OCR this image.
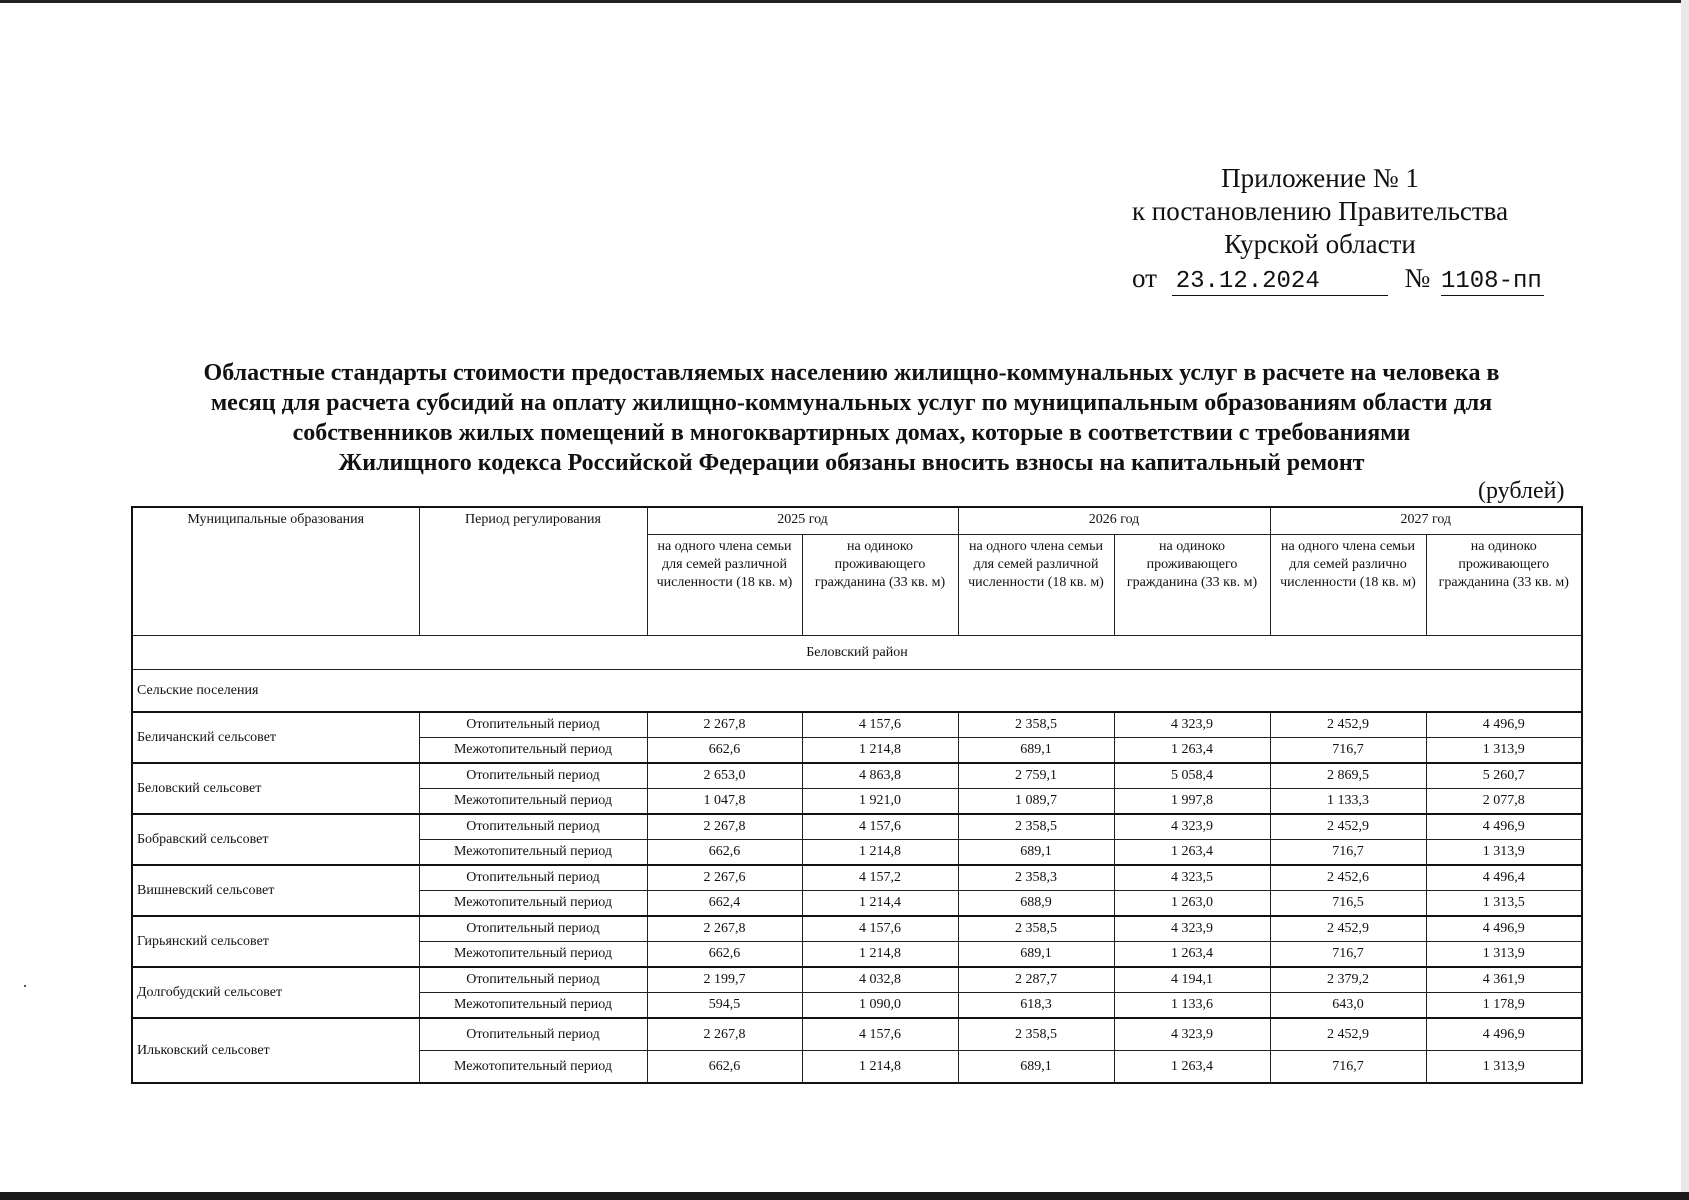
Приложение № 1
к постановлению Правительства
Курской области
от 23.12.2024	№ 1108-пп
Областные стандарты стоимости предоставляемых населению жилищно-коммунальных услуг в расчете на человека в
месяц для расчета субсидий на оплату жилищно-коммунальных услуг по муниципальным образованиям области для
собственников жилых помещений в многоквартирных домах, которые в соответствии с требованиями
Жилищного кодекса Российской Федерации обязаны вносить взносы на капитальный ремонт
(рублей)
Муниципальные образования	Период регулирования	2025 год		2026 год		2027 год	
		на одного члена семьи для семей различной численности (18 кв. м)	на одиноко проживающего гражданина (33 кв. м)	на одного члена семьи для семей различной численности (18 кв. м)	на одиноко проживающего гражданина (33 кв. м)	на одного члена семьи для семей различно численности (18 кв. м)	на одиноко проживающего гражданина (33 кв. м)
Беловский район							
Сельские поселения							
Беличанский сельсовет	Отопительный период	2 267,8	4 157,6	2 358,5	4 323,9	2 452,9	4 496,9
	Межотопительный период	662,6	1 214,8	689,1	1 263,4	716,7	1 313,9
Беловский сельсовет	Отопительный период	2 653,0	4 863,8	2 759,1	5 058,4	2 869,5	5 260,7
	Межотопительный период	1 047,8	1 921,0	1 089,7	1 997,8	1 133,3	2 077,8
Бобравский сельсовет	Отопительный период	2 267,8	4 157,6	2 358,5	4 323,9	2 452,9	4 496,9
	Межотопительный период	662,6	1 214,8	689,1	1 263,4	716,7	1 313,9
Вишневский сельсовет	Отопительный период	2 267,6	4 157,2	2 358,3	4 323,5	2 452,6	4 496,4
	Межотопительный период	662,4	1 214,4	688,9	1 263,0	716,5	1 313,5
Гирьянский сельсовет	Отопительный период	2 267,8	4 157,6	2 358,5	4 323,9	2 452,9	4 496,9
	Межотопительный период	662,6	1 214,8	689,1	1 263,4	716,7	1 313,9
Долгобудский сельсовет	Отопительный период	2 199,7	4 032,8	2 287,7	4 194,1	2 379,2	4 361,9
	Межотопительный период	594,5	1 090,0	618,3	1 133,6	643,0	1 178,9
Ильковский сельсовет	Отопительный период	2 267,8	4 157,6	2 358,5	4 323,9	2 452,9	4 496,9
	Межотопительный период	662,6	1 214,8	689,1	1 263,4	716,7	1 313,9
